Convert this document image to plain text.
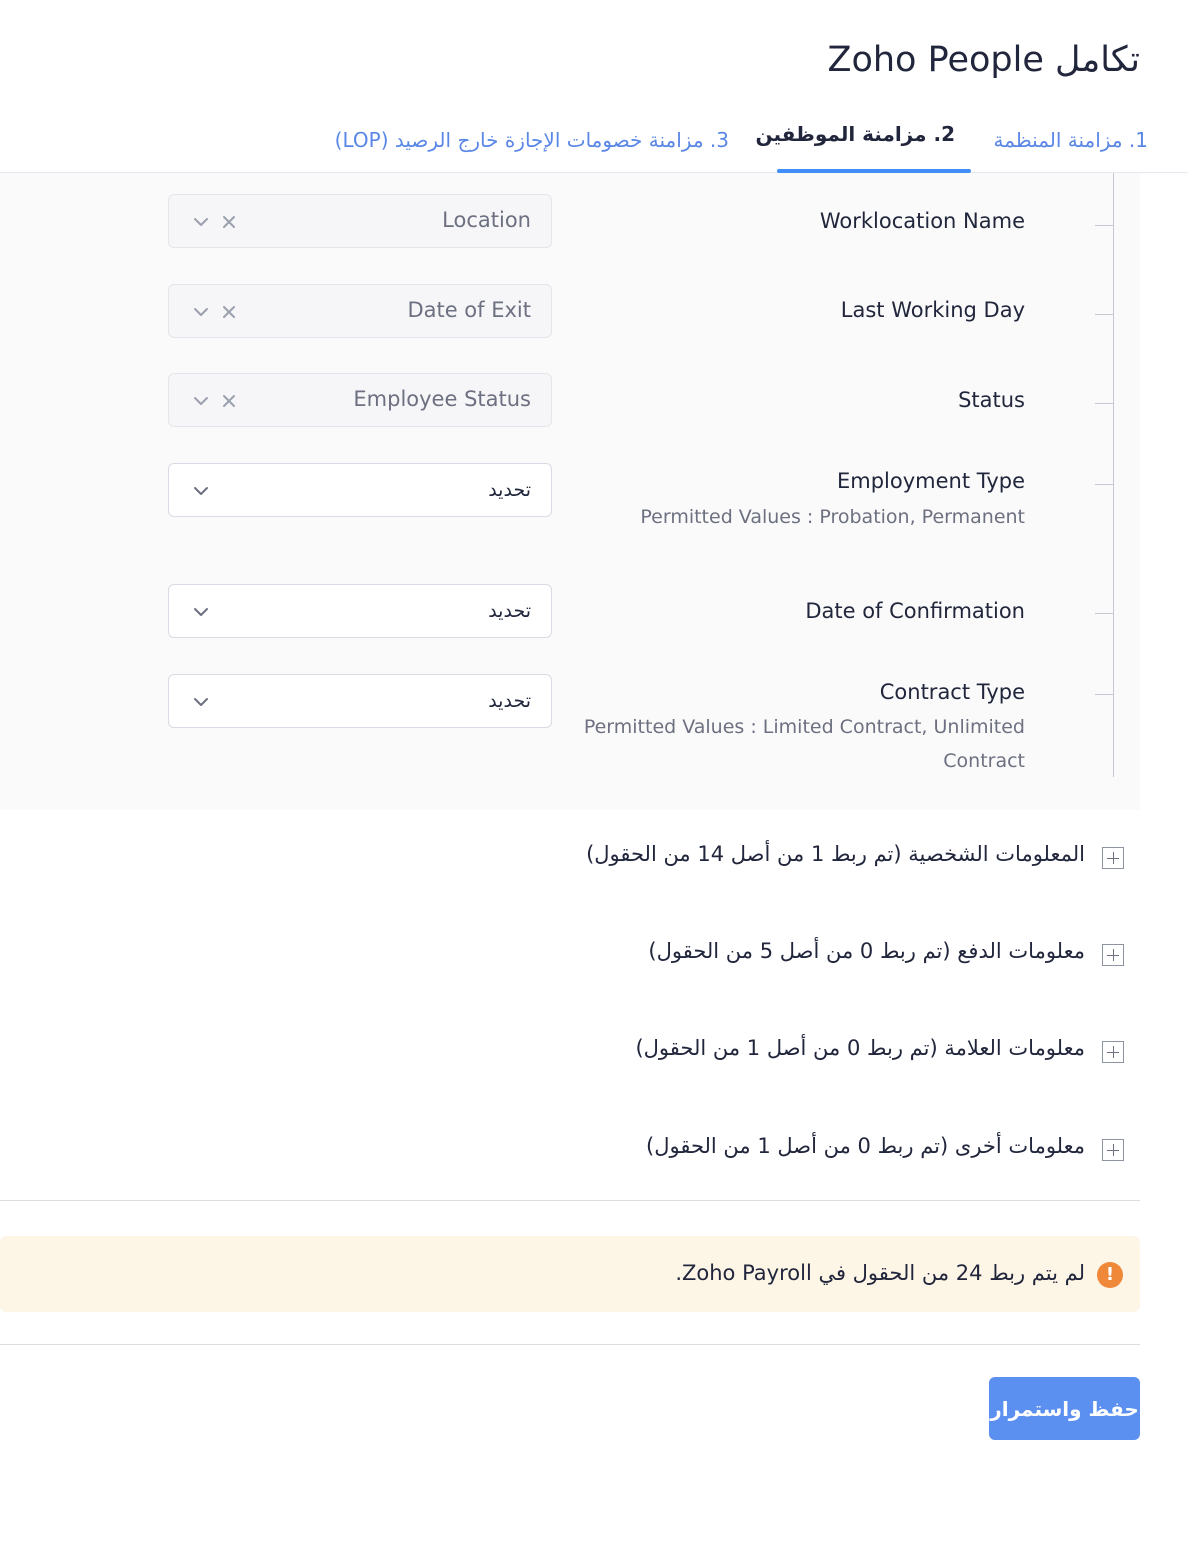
تكامل Zoho People
1. مزامنة المنظمة
2. مزامنة الموظفين
3. مزامنة خصومات الإجازة خارج الرصيد (LOP)
Worklocation Name
Location
Last Working Day
Date of Exit
Status
Employee Status
Employment Type
Permitted Values : Probation, Permanent
تحديد
Date of Confirmation
تحديد
Contract Type
Permitted Values : Limited Contract, Unlimited Contract
تحديد
المعلومات الشخصية (تم ربط 1 من أصل 14 من الحقول)
معلومات الدفع (تم ربط 0 من أصل 5 من الحقول)
معلومات العلامة (تم ربط 0 من أصل 1 من الحقول)
معلومات أخرى (تم ربط 0 من أصل 1 من الحقول)
!
لم يتم ربط 24 من الحقول في Zoho Payroll.
حفظ واستمرار
